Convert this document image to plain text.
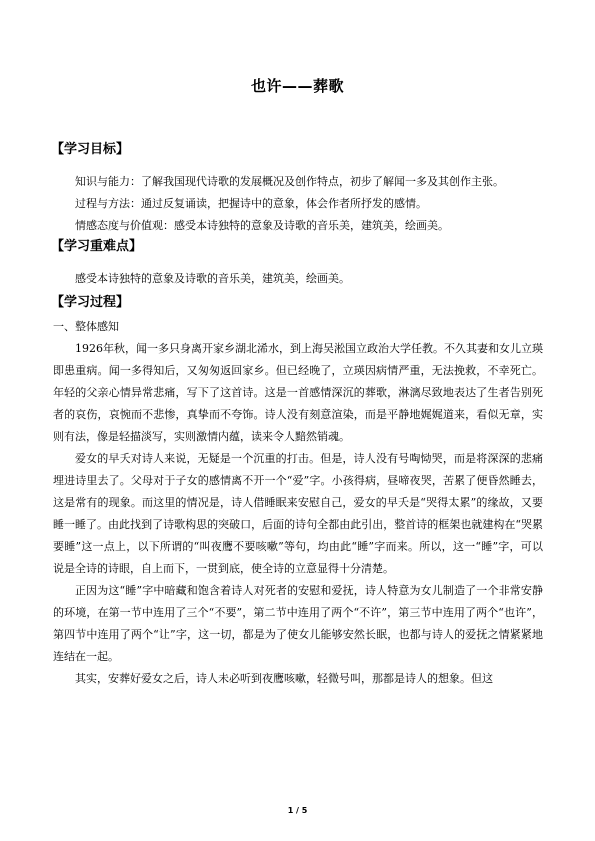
也许——葬歌
【学习目标】

知识与能力：了解我国现代诗歌的发展概况及创作特点，初步了解闻一多及其创作主张。

过程与方法：通过反复诵读，把握诗中的意象，体会作者所抒发的感情。

情感态度与价值观：感受本诗独特的意象及诗歌的音乐美，建筑美，绘画美。

【学习重难点】

感受本诗独特的意象及诗歌的音乐美，建筑美，绘画美。

【学习过程】

一、整体感知

1926年秋，闻一多只身离开家乡湖北浠水，到上海吴淞国立政治大学任教。不久其妻和女儿立瑛即患重病。闻一多得知后，又匆匆返回家乡。但已经晚了，立瑛因病情严重，无法挽救，不幸死亡。年轻的父亲心情异常悲痛，写下了这首诗。这是一首感情深沉的葬歌，淋漓尽致地表达了生者告别死者的哀伤，哀惋而不悲惨，真挚而不夸饰。诗人没有刻意渲染，而是平静地娓娓道来，看似无章，实则有法，像是轻描淡写，实则激情内蕴，读来令人黯然销魂。

爱女的早夭对诗人来说，无疑是一个沉重的打击。但是，诗人没有号啕恸哭，而是将深深的悲痛埋进诗里去了。父母对于子女的感情离不开一个“爱”字。小孩得病，昼啼夜哭，苦累了便昏然睡去，这是常有的现象。而这里的情况是，诗人借睡眠来安慰自己，爱女的早夭是“哭得太累”的缘故，又要睡一睡了。由此找到了诗歌构思的突破口，后面的诗句全都由此引出，整首诗的框架也就建构在“哭累要睡”这一点上，以下所谓的“叫夜鹰不要咳嗽”等句，均由此“睡”字而来。所以，这一“睡”字，可以说是全诗的诗眼，自上而下，一贯到底，使全诗的立意显得十分清楚。

正因为这“睡”字中暗藏和饱含着诗人对死者的安慰和爱抚，诗人特意为女儿制造了一个非常安静的环境，在第一节中连用了三个“不要”，第二节中连用了两个“不许”，第三节中连用了两个“也许”，第四节中连用了两个“让”字，这一切，都是为了使女儿能够安然长眠，也都与诗人的爱抚之情紧紧地连结在一起。

其实，安葬好爱女之后，诗人未必听到夜鹰咳嗽，轻微号叫，那都是诗人的想象。但这

1 / 5
